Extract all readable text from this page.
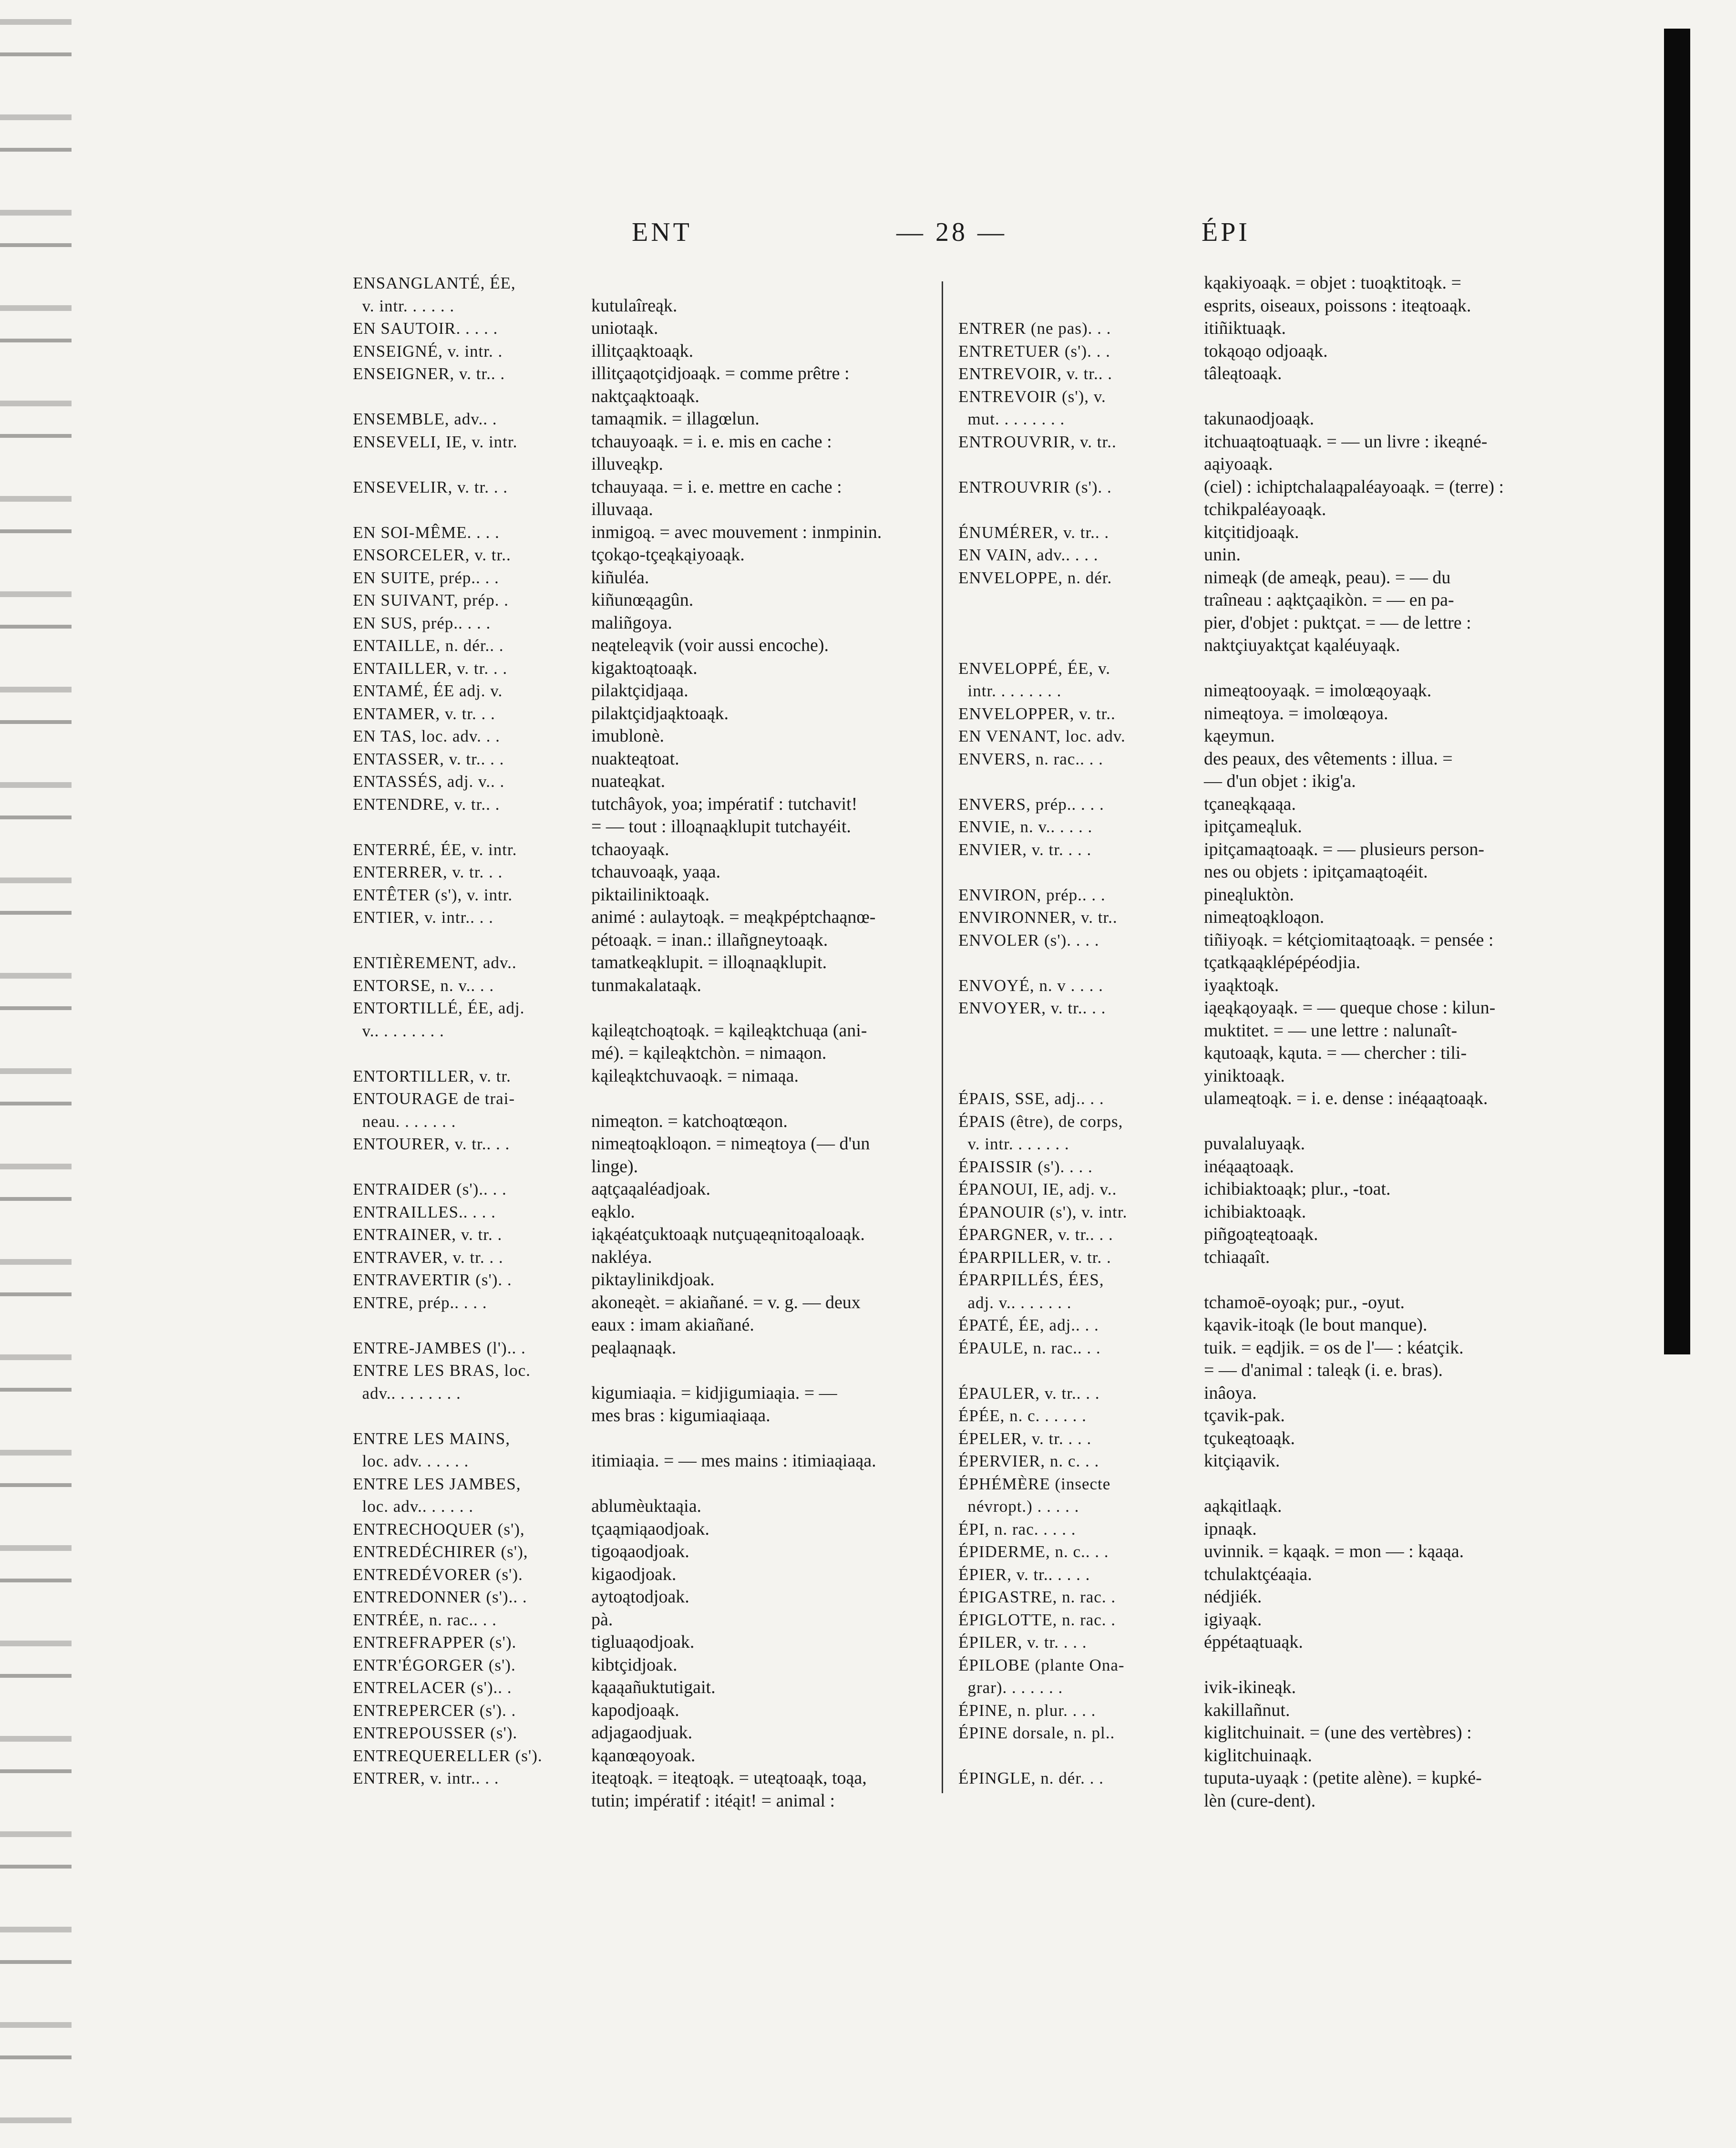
ENT	— 28 —	ÉPI
ENSANGLANTÉ, ÉE,
v. intr. . . . . .	kutulaîreąk.
EN SAUTOIR. . . . .	uniotaąk.
ENSEIGNÉ, v. intr. .	illitçaąktoaąk.
ENSEIGNER, v. tr.. .	illitçaąotçidjoaąk. = comme prêtre :
naktçaąktoaąk.
ENSEMBLE, adv.. .	tamaąmik. = illagœlun.
ENSEVELI, IE, v. intr.	tchauyoaąk. = i. e. mis en cache :
illuveąkp.
ENSEVELIR, v. tr. . .	tchauyaąa. = i. e. mettre en cache :
illuvaąa.
EN SOI-MÊME. . . .	inmigoą. = avec mouvement : inmpinin.
ENSORCELER, v. tr..	tçokąo-tçeąkąiyoaąk.
EN SUITE, prép.. . .	kiñuléa.
EN SUIVANT, prép. .	kiñunœąagûn.
EN SUS, prép.. . . .	maliñgoya.
ENTAILLE, n. dér.. .	neąteleąvik (voir aussi encoche).
ENTAILLER, v. tr. . .	kigaktoątoaąk.
ENTAMÉ, ÉE adj. v.	pilaktçidjaąa.
ENTAMER, v. tr. . .	pilaktçidjaąktoaąk.
EN TAS, loc. adv. . .	imublonè.
ENTASSER, v. tr.. . .	nuakteątoat.
ENTASSÉS, adj. v.. .	nuateąkat.
ENTENDRE, v. tr.. .	tutchâyok, yoa; impératif : tutchavit!
= — tout : illoąnaąklupit tutchayéit.
ENTERRÉ, ÉE, v. intr.	tchaoyaąk.
ENTERRER, v. tr. . .	tchauvoaąk, yaąa.
ENTÊTER (s'), v. intr.	piktailiniktoaąk.
ENTIER, v. intr.. . .	animé : aulaytoąk. = meąkpéptchaąnœ-
pétoaąk. = inan.: illañgneytoaąk.
ENTIÈREMENT, adv..	tamatkeąklupit. = illoąnaąklupit.
ENTORSE, n. v.. . .	tunmakalataąk.
ENTORTILLÉ, ÉE, adj.
v.. . . . . . . .	kąileątchoątoąk. = kąileąktchuąa (ani-
mé). = kąileąktchòn. = nimaąon.
ENTORTILLER, v. tr.	kąileąktchuvaoąk. = nimaąa.
ENTOURAGE de trai-
neau. . . . . . .	nimeąton. = katchoątœąon.
ENTOURER, v. tr.. . .	nimeątoąkloąon. = nimeątoya (— d'un
linge).
ENTRAIDER (s').. . .	aątçaąaléadjoak.
ENTRAILLES.. . . .	eąklo.
ENTRAINER, v. tr. .	iąkąéatçuktoaąk nutçuąeąnitoąaloaąk.
ENTRAVER, v. tr. . .	nakléya.
ENTRAVERTIR (s'). .	piktaylinikdjoak.
ENTRE, prép.. . . .	akoneąèt. = akiañané. = v. g. — deux
eaux : imam akiañané.
ENTRE-JAMBES (l').. .	peąlaąnaąk.
ENTRE LES BRAS, loc.
adv.. . . . . . . .	kigumiaąia. = kidjigumiaąia. = —
mes bras : kigumiaąiaąa.
ENTRE LES MAINS,
loc. adv. . . . . .	itimiaąia. = — mes mains : itimiaąiaąa.
ENTRE LES JAMBES,
loc. adv.. . . . . .	ablumèuktaąia.
ENTRECHOQUER (s'),	tçaąmiąaodjoak.
ENTREDÉCHIRER (s'),	tigoąaodjoak.
ENTREDÉVORER (s').	kigaodjoak.
ENTREDONNER (s').. .	aytoątodjoak.
ENTRÉE, n. rac.. . .	pà.
ENTREFRAPPER (s').	tigluaąodjoak.
ENTR'ÉGORGER (s').	kibtçidjoak.
ENTRELACER (s').. .	kąaąañuktutigait.
ENTREPERCER (s'). .	kapodjoaąk.
ENTREPOUSSER (s').	adjagaodjuak.
ENTREQUERELLER (s').	kąanœąoyoak.
ENTRER, v. intr.. . .	iteątoąk. = iteątoąk. = uteątoaąk, toąa,
tutin; impératif : itéąit! = animal :
kąakiyoaąk. = objet : tuoąktitoąk. =
esprits, oiseaux, poissons : iteątoaąk.
ENTRER (ne pas). . .	itiñiktuaąk.
ENTRETUER (s'). . .	tokąoąo odjoaąk.
ENTREVOIR, v. tr.. .	tâleątoaąk.
ENTREVOIR (s'), v.
mut. . . . . . . .	takunaodjoaąk.
ENTROUVRIR, v. tr..	itchuaątoątuaąk. = — un livre : ikeąné-
aąiyoaąk.
ENTROUVRIR (s'). .	(ciel) : ichiptchalaąpaléayoaąk. = (terre) :
tchikpaléayoaąk.
ÉNUMÉRER, v. tr.. .	kitçitidjoaąk.
EN VAIN, adv.. . . .	unin.
ENVELOPPE, n. dér.	nimeąk (de ameąk, peau). = — du
traîneau : aąktçaąikòn. = — en pa-
pier, d'objet : puktçat. = — de lettre :
naktçiuyaktçat kąaléuyaąk.
ENVELOPPÉ, ÉE, v.
intr. . . . . . . .	nimeątooyaąk. = imolœąoyaąk.
ENVELOPPER, v. tr..	nimeątoya. = imolœąoya.
EN VENANT, loc. adv.	kąeymun.
ENVERS, n. rac.. . .	des peaux, des vêtements : illua. =
— d'un objet : ikig'a.
ENVERS, prép.. . . .	tçaneąkąaąa.
ENVIE, n. v.. . . . .	ipitçameąluk.
ENVIER, v. tr. . . .	ipitçamaątoaąk. = — plusieurs person-
nes ou objets : ipitçamaątoąéit.
ENVIRON, prép.. . .	pineąluktòn.
ENVIRONNER, v. tr..	nimeątoąkloąon.
ENVOLER (s'). . . .	tiñiyoąk. = kétçiomitaątoaąk. = pensée :
tçatkąaąklépépéodjia.
ENVOYÉ, n. v . . . .	iyaąktoąk.
ENVOYER, v. tr.. . .	iąeąkąoyaąk. = — queque chose : kilun-
muktitet. = — une lettre : nalunaît-
kąutoaąk, kąuta. = — chercher : tili-
yiniktoaąk.
ÉPAIS, SSE, adj.. . .	ulameątoąk. = i. e. dense : inéąaątoaąk.
ÉPAIS (être), de corps,
v. intr. . . . . . .	puvalaluyaąk.
ÉPAISSIR (s'). . . .	inéąaątoaąk.
ÉPANOUI, IE, adj. v..	ichibiaktoaąk; plur., -toat.
ÉPANOUIR (s'), v. intr.	ichibiaktoaąk.
ÉPARGNER, v. tr.. . .	piñgoąteątoaąk.
ÉPARPILLER, v. tr. .	tchiaąaît.
ÉPARPILLÉS, ÉES,
adj. v.. . . . . . .	tchamoē-oyoąk; pur., -oyut.
ÉPATÉ, ÉE, adj.. . .	kąavik-itoąk (le bout manque).
ÉPAULE, n. rac.. . .	tuik. = eądjik. = os de l'— : kéatçik.
= — d'animal : taleąk (i. e. bras).
ÉPAULER, v. tr.. . .	inâoya.
ÉPÉE, n. c. . . . . .	tçavik-pak.
ÉPELER, v. tr. . . .	tçukeątoaąk.
ÉPERVIER, n. c. . .	kitçiąavik.
ÉPHÉMÈRE (insecte
névropt.) . . . . .	aąkąitlaąk.
ÉPI, n. rac. . . . .	ipnaąk.
ÉPIDERME, n. c.. . .	uvinnik. = kąaąk. = mon — : kąaąa.
ÉPIER, v. tr.. . . . .	tchulaktçéaąia.
ÉPIGASTRE, n. rac. .	nédjiék.
ÉPIGLOTTE, n. rac. .	igiyaąk.
ÉPILER, v. tr. . . .	éppétaątuaąk.
ÉPILOBE (plante Ona-
grar). . . . . . .	ivik-ikineąk.
ÉPINE, n. plur. . . .	kakillañnut.
ÉPINE dorsale, n. pl..	kiglitchuinait. = (une des vertèbres) :
kiglitchuinaąk.
ÉPINGLE, n. dér. . .	tuputa-uyaąk : (petite alène). = kupké-
lèn (cure-dent).
